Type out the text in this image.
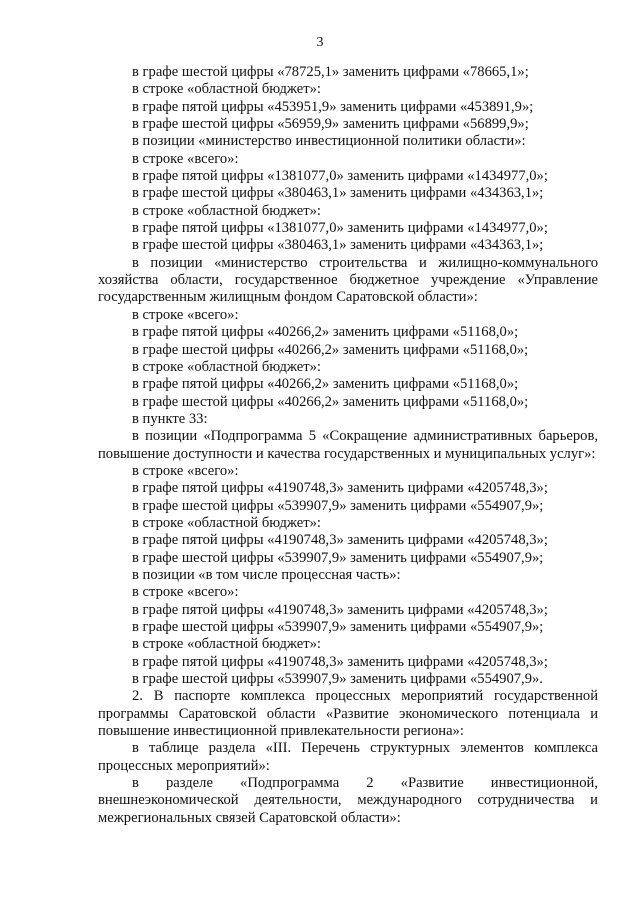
3
в графе шестой цифры «78725,1» заменить цифрами «78665,1»;
в строке «областной бюджет»:
в графе пятой цифры «453951,9» заменить цифрами «453891,9»;
в графе шестой цифры «56959,9» заменить цифрами «56899,9»;
в позиции «министерство инвестиционной политики области»:
в строке «всего»:
в графе пятой цифры «1381077,0» заменить цифрами «1434977,0»;
в графе шестой цифры «380463,1» заменить цифрами «434363,1»;
в строке «областной бюджет»:
в графе пятой цифры «1381077,0» заменить цифрами «1434977,0»;
в графе шестой цифры «380463,1» заменить цифрами «434363,1»;
в позиции «министерство строительства и жилищно-коммунального хозяйства области, государственное бюджетное учреждение «Управление государственным жилищным фондом Саратовской области»:
в строке «всего»:
в графе пятой цифры «40266,2» заменить цифрами «51168,0»;
в графе шестой цифры «40266,2» заменить цифрами «51168,0»;
в строке «областной бюджет»:
в графе пятой цифры «40266,2» заменить цифрами «51168,0»;
в графе шестой цифры «40266,2» заменить цифрами «51168,0»;
в пункте 33:
в позиции «Подпрограмма 5 «Сокращение административных барьеров, повышение доступности и качества государственных и муниципальных услуг»:
в строке «всего»:
в графе пятой цифры «4190748,3» заменить цифрами «4205748,3»;
в графе шестой цифры «539907,9» заменить цифрами «554907,9»;
в строке «областной бюджет»:
в графе пятой цифры «4190748,3» заменить цифрами «4205748,3»;
в графе шестой цифры «539907,9» заменить цифрами «554907,9»;
в позиции «в том числе процессная часть»:
в строке «всего»:
в графе пятой цифры «4190748,3» заменить цифрами «4205748,3»;
в графе шестой цифры «539907,9» заменить цифрами «554907,9»;
в строке «областной бюджет»:
в графе пятой цифры «4190748,3» заменить цифрами «4205748,3»;
в графе шестой цифры «539907,9» заменить цифрами «554907,9».
2. В паспорте комплекса процессных мероприятий государственной программы Саратовской области «Развитие экономического потенциала и повышение инвестиционной привлекательности региона»:
в таблице раздела «III. Перечень структурных элементов комплекса процессных мероприятий»:
в разделе «Подпрограмма 2 «Развитие инвестиционной, внешнеэкономической деятельности, международного сотрудничества и межрегиональных связей Саратовской области»:
